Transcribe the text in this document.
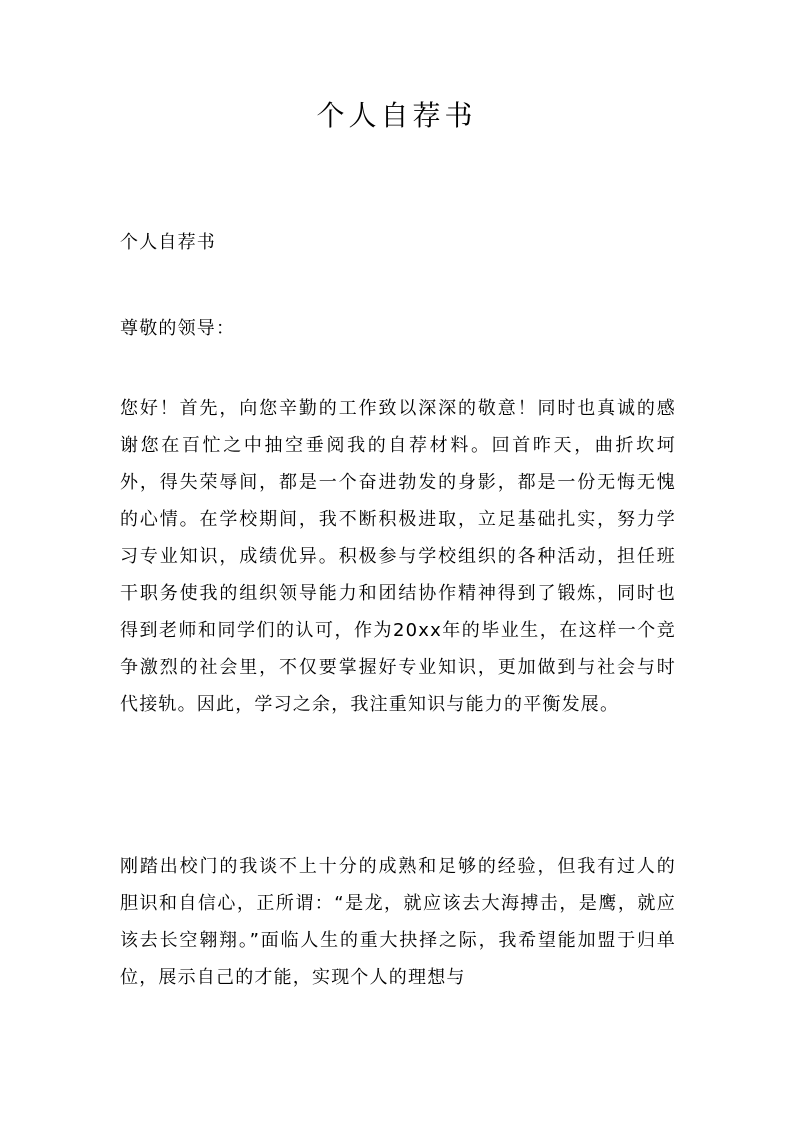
个人自荐书

个人自荐书

尊敬的领导：

您好！首先，向您辛勤的工作致以深深的敬意！同时也真诚的感谢您在百忙之中抽空垂阅我的自荐材料。回首昨天，曲折坎坷外，得失荣辱间，都是一个奋进勃发的身影，都是一份无悔无愧的心情。在学校期间，我不断积极进取，立足基础扎实，努力学习专业知识，成绩优异。积极参与学校组织的各种活动，担任班干职务使我的组织领导能力和团结协作精神得到了锻炼，同时也得到老师和同学们的认可，作为20xx年的毕业生，在这样一个竞争激烈的社会里，不仅要掌握好专业知识，更加做到与社会与时代接轨。因此，学习之余，我注重知识与能力的平衡发展。

刚踏出校门的我谈不上十分的成熟和足够的经验，但我有过人的胆识和自信心，正所谓：“是龙，就应该去大海搏击，是鹰，就应该去长空翱翔。”面临人生的重大抉择之际，我希望能加盟于归单位，展示自己的才能，实现个人的理想与
